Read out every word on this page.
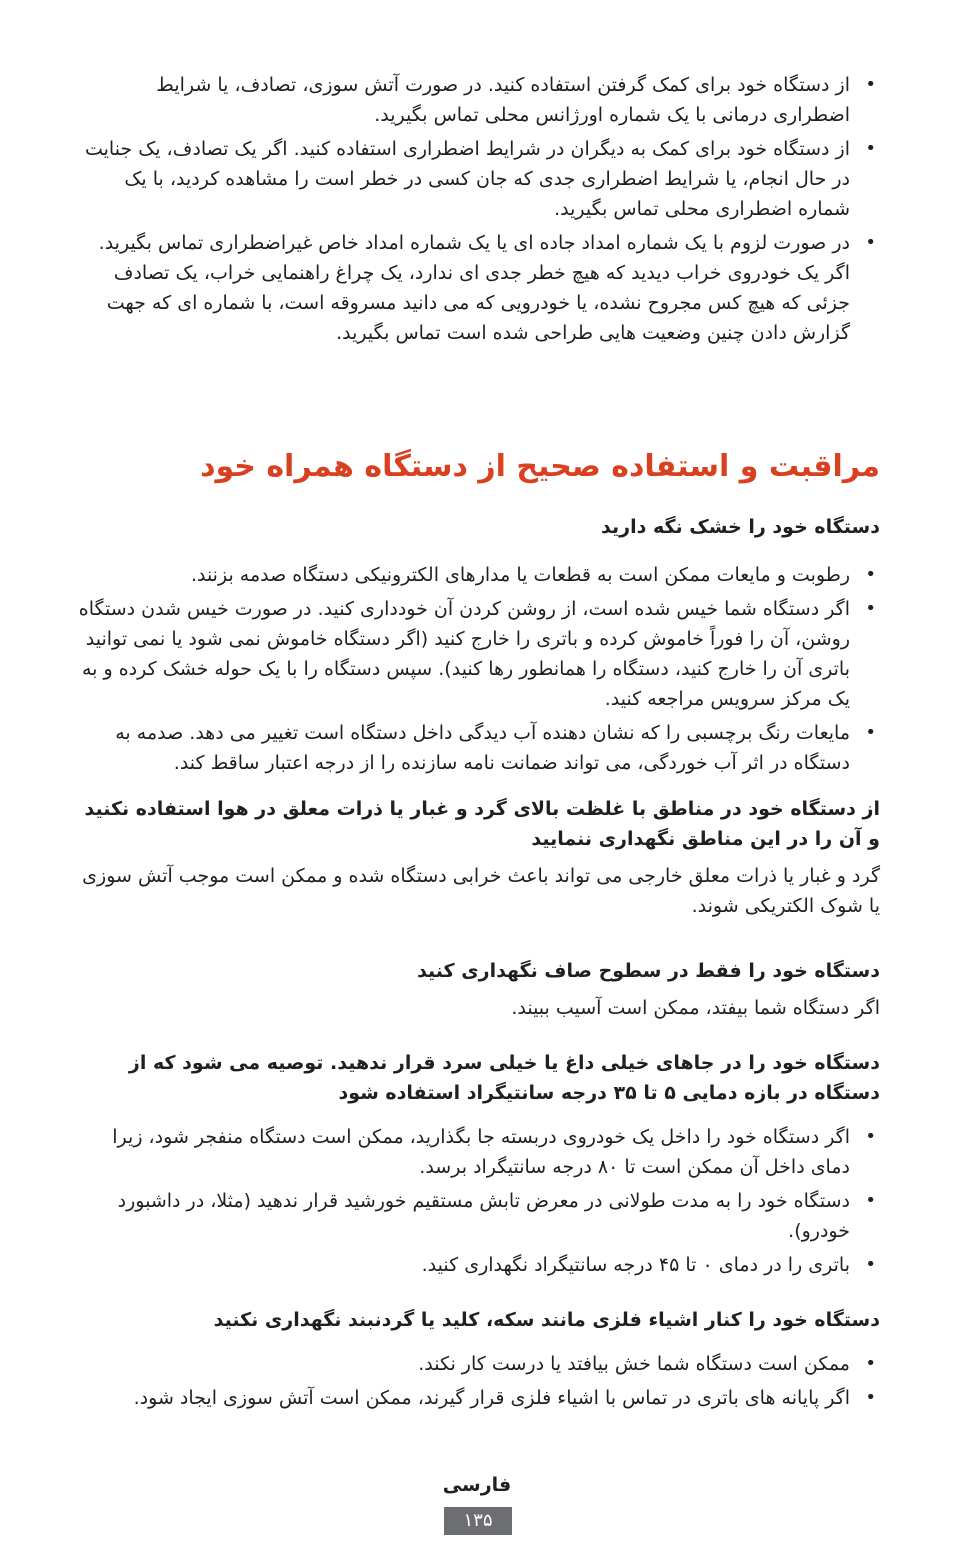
• از دستگاه خود برای کمک گرفتن استفاده کنید. در صورت آتش سوزی، تصادف، یا شرایط اضطراری درمانی با یک شماره اورژانس محلی تماس بگیرید.
• از دستگاه خود برای کمک به دیگران در شرایط اضطراری استفاده کنید. اگر یک تصادف، یک جنایت در حال انجام، یا شرایط اضطراری جدی که جان کسی در خطر است را مشاهده کردید، با یک شماره اضطراری محلی تماس بگیرید.
• در صورت لزوم با یک شماره امداد جاده ای یا یک شماره امداد خاص غیراضطراری تماس بگیرید. اگر یک خودروی خراب دیدید که هیچ خطر جدی ای ندارد، یک چراغ راهنمایی خراب، یک تصادف جزئی که هیچ کس مجروح نشده، یا خودرویی که می دانید مسروقه است، با شماره ای که جهت گزارش دادن چنین وضعیت هایی طراحی شده است تماس بگیرید.
مراقبت و استفاده صحیح از دستگاه همراه خود
دستگاه خود را خشک نگه دارید
• رطوبت و مایعات ممکن است به قطعات یا مدارهای الکترونیکی دستگاه صدمه بزنند.
• اگر دستگاه شما خیس شده است، از روشن کردن آن خودداری کنید. در صورت خیس شدن دستگاه روشن، آن را فوراً خاموش کرده و باتری را خارج کنید (اگر دستگاه خاموش نمی شود یا نمی توانید باتری آن را خارج کنید، دستگاه را همانطور رها کنید). سپس دستگاه را با یک حوله خشک کرده و به یک مرکز سرویس مراجعه کنید.
• مایعات رنگ برچسبی را که نشان دهنده آب دیدگی داخل دستگاه است تغییر می دهد. صدمه به دستگاه در اثر آب خوردگی، می تواند ضمانت نامه سازنده را از درجه اعتبار ساقط کند.
از دستگاه خود در مناطق با غلظت بالای گرد و غبار یا ذرات معلق در هوا استفاده نکنید و آن را در این مناطق نگهداری ننمایید

گرد و غبار یا ذرات معلق خارجی می تواند باعث خرابی دستگاه شده و ممکن است موجب آتش سوزی یا شوک الکتریکی شوند.

دستگاه خود را فقط در سطوح صاف نگهداری کنید

اگر دستگاه شما بیفتد، ممکن است آسیب ببیند.

دستگاه خود را در جاهای خیلی داغ یا خیلی سرد قرار ندهید. توصیه می شود که از دستگاه در بازه دمایی ۵ تا ۳۵ درجه سانتیگراد استفاده شود
• اگر دستگاه خود را داخل یک خودروی دربسته جا بگذارید، ممکن است دستگاه منفجر شود، زیرا دمای داخل آن ممکن است تا ۸۰ درجه سانتیگراد برسد.
• دستگاه خود را به مدت طولانی در معرض تابش مستقیم خورشید قرار ندهید (مثلا، در داشبورد خودرو).
• باتری را در دمای ۰ تا ۴۵ درجه سانتیگراد نگهداری کنید.
دستگاه خود را کنار اشیاء فلزی مانند سکه، کلید یا گردنبند نگهداری نکنید
• ممکن است دستگاه شما خش بیافتد یا درست کار نکند.
• اگر پایانه های باتری در تماس با اشیاء فلزی قرار گیرند، ممکن است آتش سوزی ایجاد شود.
فارسی
۱۳۵
